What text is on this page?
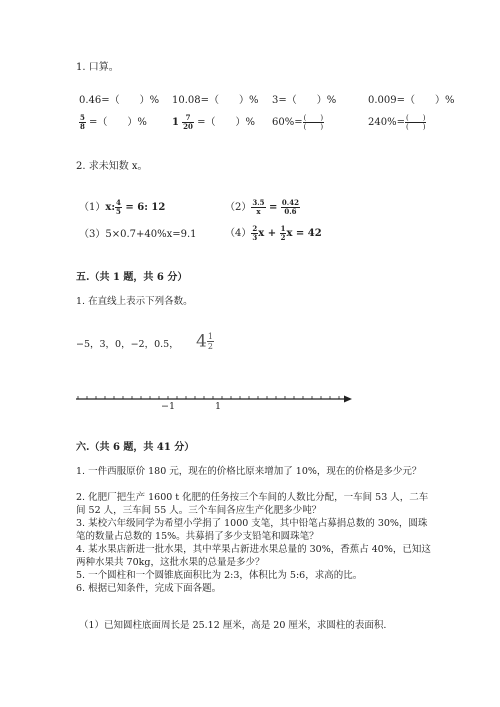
1. 口算。
0.46=（　　）% 10.08=（　　）% 3=（　　）%	0.009=（　　）%
$\frac{5}{8}$ =（　　）%	$1 \frac{7}{20}$ =（　　）% $60\%= \frac{( )}{( )}$	$240\%= \frac{( )}{( )}$
2. 求未知数 x。
（1）x: $\frac{4}{5} = 6$: 12	$(2) \frac{3.5}{x} = \frac{0.42}{0.6}$
（3）5×0.7+40%x=9.1	$(4) \frac{2}{3}$ $x + \frac{1}{2}$ x = 42
五.（共 1 题，共 6 分）
1. 在直线上表示下列各数。
−5，3，0，−2，0.5， $4 \frac{1}{2}$
−1	1
六.（共 6 题，共 41 分）
1. 一件西服原价 180 元，现在的价格比原来增加了 10%，现在的价格是多少元？
2. 化肥厂把生产 1600 t 化肥的任务按三个车间的人数比分配，一车间 53 人，二车间 52 人，三车间 55 人。三个车间各应生产化肥多少吨？
3. 某校六年级同学为希望小学捐了 1000 支笔，其中铅笔占募捐总数的 30%，圆珠笔的数量占总数的 15%。共募捐了多少支铅笔和圆珠笔？
4. 某水果店新进一批水果，其中苹果占新进水果总量的 30%，香蕉占 40%，已知这两种水果共 70kg，这批水果的总量是多少？
5. 一个圆柱和一个圆锥底面积比为 2:3，体积比为 5:6，求高的比。
6. 根据已知条件，完成下面各题。
（1）已知圆柱底面周长是 25.12 厘米，高是 20 厘米，求圆柱的表面积.
